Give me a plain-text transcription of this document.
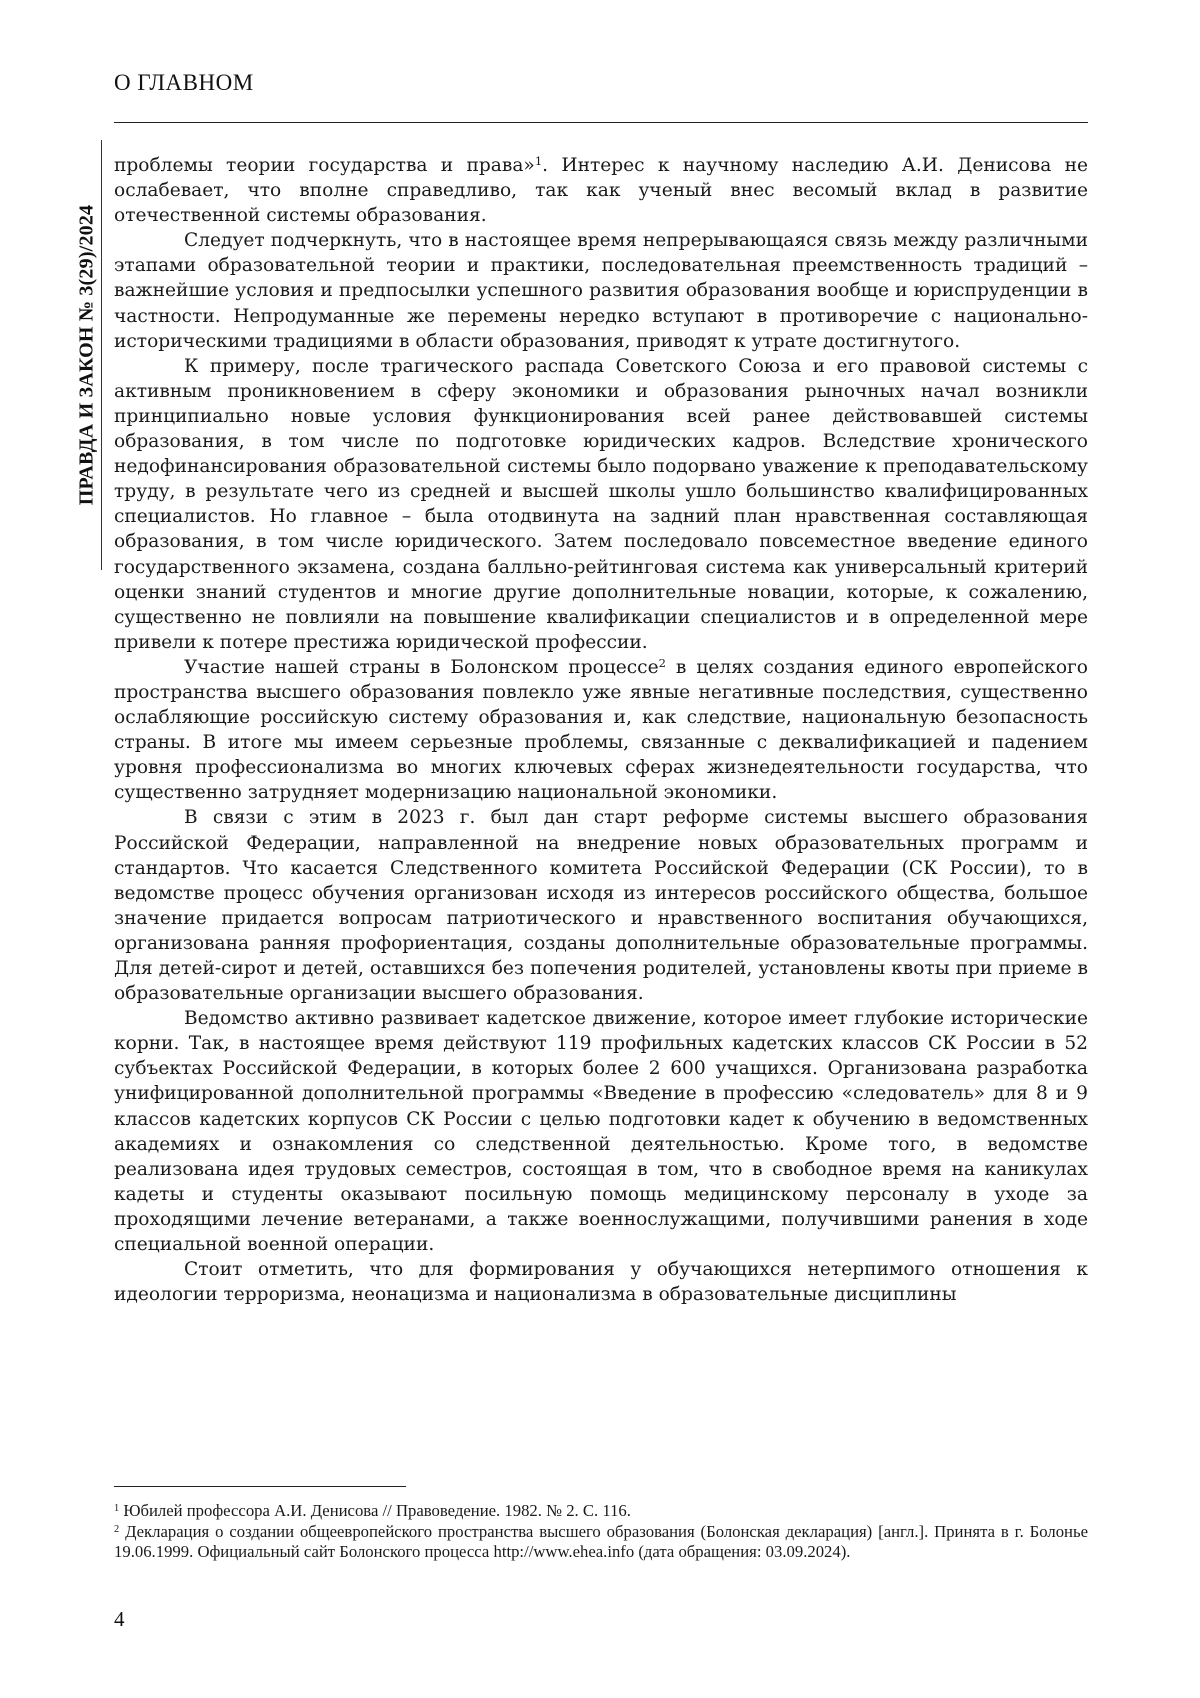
О ГЛАВНОМ
ПРАВДА И ЗАКОН № 3(29)/2024

проблемы теории государства и права»$^1$. Интерес к научному наследию А.И. Денисова не ослабевает, что вполне справедливо, так как ученый внес весомый вклад в развитие отечественной системы образования.

Следует подчеркнуть, что в настоящее время непрерывающаяся связь между различными этапами образовательной теории и практики, последовательная преемственность традиций – важнейшие условия и предпосылки успешного развития образования вообще и юриспруденции в частности. Непродуманные же перемены нередко вступают в противоречие с национально-историческими традициями в области образования, приводят к утрате достигнутого.

К примеру, после трагического распада Советского Союза и его правовой системы с активным проникновением в сферу экономики и образования рыночных начал возникли принципиально новые условия функционирования всей ранее действовавшей системы образования, в том числе по подготовке юридических кадров. Вследствие хронического недофинансирования образовательной системы было подорвано уважение к преподавательскому труду, в результате чего из средней и высшей школы ушло большинство квалифицированных специалистов. Но главное – была отодвинута на задний план нравственная составляющая образования, в том числе юридического. Затем последовало повсеместное введение единого государственного экзамена, создана балльно-рейтинговая система как универсальный критерий оценки знаний студентов и многие другие дополнительные новации, которые, к сожалению, существенно не повлияли на повышение квалификации специалистов и в определенной мере привели к потере престижа юридической профессии.

Участие нашей страны в Болонском процессе$^2$ в целях создания единого европейского пространства высшего образования повлекло уже явные негативные последствия, существенно ослабляющие российскую систему образования и, как следствие, национальную безопасность страны. В итоге мы имеем серьезные проблемы, связанные с деквалификацией и падением уровня профессионализма во многих ключевых сферах жизнедеятельности государства, что существенно затрудняет модернизацию национальной экономики.

В связи с этим в 2023 г. был дан старт реформе системы высшего образования Российской Федерации, направленной на внедрение новых образовательных программ и стандартов. Что касается Следственного комитета Российской Федерации (СК России), то в ведомстве процесс обучения организован исходя из интересов российского общества, большое значение придается вопросам патриотического и нравственного воспитания обучающихся, организована ранняя профориентация, созданы дополнительные образовательные программы. Для детей-сирот и детей, оставшихся без попечения родителей, установлены квоты при приеме в образовательные организации высшего образования.

Ведомство активно развивает кадетское движение, которое имеет глубокие исторические корни. Так, в настоящее время действуют 119 профильных кадетских классов СК России в 52 субъектах Российской Федерации, в которых более 2 600 учащихся. Организована разработка унифицированной дополнительной программы «Введение в профессию «следователь» для 8 и 9 классов кадетских корпусов СК России с целью подготовки кадет к обучению в ведомственных академиях и ознакомления со следственной деятельностью. Кроме того, в ведомстве реализована идея трудовых семестров, состоящая в том, что в свободное время на каникулах кадеты и студенты оказывают посильную помощь медицинскому персоналу в уходе за проходящими лечение ветеранами, а также военнослужащими, получившими ранения в ходе специальной военной операции.

Стоит отметить, что для формирования у обучающихся нетерпимого отношения к идеологии терроризма, неонацизма и национализма в образовательные дисциплины

$^1$ Юбилей профессора А.И. Денисова // Правоведение. 1982. № 2. С. 116.

$^2$ Декларация о создании общеевропейского пространства высшего образования (Болонская декларация) [англ.]. Принята в г. Болонье 19.06.1999. Официальный сайт Болонского процесса http://www.ehea.info (дата обращения: 03.09.2024).

4
